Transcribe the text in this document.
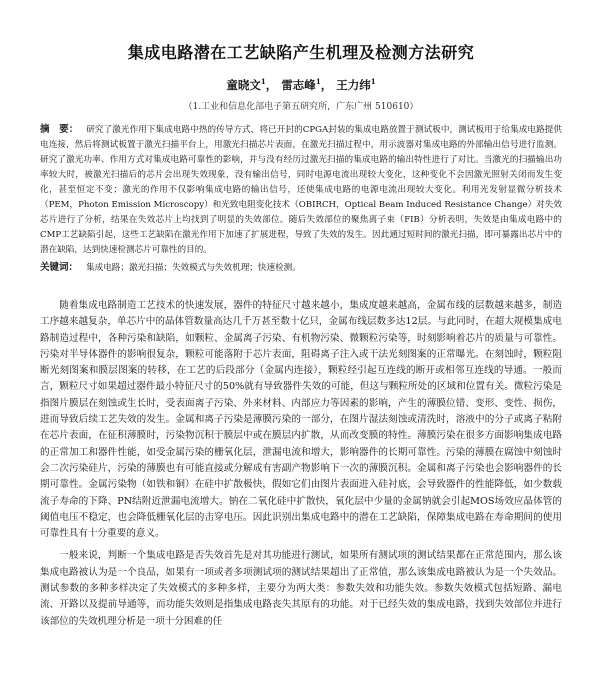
集成电路潜在工艺缺陷产生机理及检测方法研究
童晓文$^1$， 雷志峰$^1$， 王力纬$^1$
（1.工业和信息化部电子第五研究所，广东广州 510610）

摘　要： 研究了激光作用下集成电路中热的传导方式，将已开封的CPGA封装的集成电路放置于测试板中，测试板用于给集成电路提供电连接，然后将测试板置于激光扫描平台上，用激光扫描芯片表面，在激光扫描过程中，用示波器对集成电路的外部输出信号进行监测。研究了激光功率、作用方式对集成电路可靠性的影响，并与没有经历过激光扫描的集成电路的输出特性进行了对比。当激光的扫描输出功率较大时，被激光扫描后的芯片会出现失效现象，没有输出信号，同时电源电流出现较大变化，这种变化不会因激光照射关闭而发生变化，甚至恒定不变；激光的作用不仅影响集成电路的输出信号，还使集成电路的电源电流出现较大变化。利用光发射显微分析技术（PEM，Photon Emission Microscopy）和光致电阻变化技术（OBIRCH，Optical Beam Induced Resistance Change）对失效芯片进行了分析，结果在失效芯片上均找到了明显的失效部位。随后失效部位的聚焦离子束（FIB）分析表明，失效是由集成电路中的CMP工艺缺陷引起，这些工艺缺陷在激光作用下加速了扩展进程，导致了失效的发生。因此通过短时间的激光扫描，即可暴露出芯片中的潜在缺陷，达到快速检测芯片可靠性的目的。

关键词： 集成电路；激光扫描；失效模式与失效机理；快速检测。

随着集成电路制造工艺技术的快速发展，器件的特征尺寸越来越小，集成度越来越高，金属布线的层数越来越多，制造工序越来越复杂，单芯片中的晶体管数量高达几千万甚至数十亿只，金属布线层数多达12层。与此同时，在超大规模集成电路制造过程中，各种污染和缺陷，如颗粒、金属离子污染、有机物污染、微颗粒污染等，时刻影响着芯片的质量与可靠性。污染对半导体器件的影响很复杂，颗粒可能落附于芯片表面，阻碍离子注入或干法光刻图案的正常曝光。在刻蚀时，颗粒阻断光刻图案和膜层图案的转移，在工艺的后段部分（金属内连接），颗粒经引起互连线的断开或相邻互连线的导通。一般而言，颗粒尺寸如果超过器件最小特征尺寸的50%就有导致器件失效的可能，但这与颗粒所处的区域和位置有关。微粒污染是指图片膜层在刻蚀或生长时，受表面离子污染、外来材料、内部应力等因素的影响，产生的薄膜位错、变形、变性、损伤，进而导致后续工艺失效的发生。金属和离子污染是薄膜污染的一部分，在图片湿法刻蚀或清洗时，溶液中的分子或离子粘附在芯片表面，在征积薄膜时，污染物沉积于膜层中或在膜层内扩散，从而改变膜的特性。薄膜污染在很多方面影响集成电路的正常加工和器件性能，如受金属污染的栅氧化层，泄漏电流和增大，影响器件的长期可靠性。污染的薄膜在腐蚀中刻蚀时会二次污染硅片，污染的薄膜也有可能直接或分解成有害副产物影响下一次的薄膜沉积。金属和离子污染也会影响器件的长期可靠性。金属污染物（如铁和铜）在硅中扩散极快，假如它们由图片表面进入硅衬底，会导致器件的性能降低，如少数载流子寿命的下降、PN结附近泄漏电流增大。钠在二氧化硅中扩散快，氧化层中少量的金属钠就会引起MOS场效应晶体管的阈值电压不稳定，也会降低栅氧化层的击穿电压。因此识别出集成电路中的潜在工艺缺陷，保障集成电路在寿命期间的使用可靠性具有十分重要的意义。

一般来说，判断一个集成电路是否失效首先是对其功能进行测试，如果所有测试项的测试结果都在正常范围内，那么该集成电路被认为是一个良品，如果有一项或者多项测试项的测试结果超出了正常值，那么该集成电路被认为是一个失效品。测试参数的多种多样决定了失效模式的多种多样，主要分为两大类：参数失效和功能失效。参数失效模式包括短路、漏电流、开路以及提前导通等，而功能失效则是指集成电路丧失其原有的功能。对于已经失效的集成电路，找到失效部位并进行该部位的失效机理分析是一项十分困难的任
